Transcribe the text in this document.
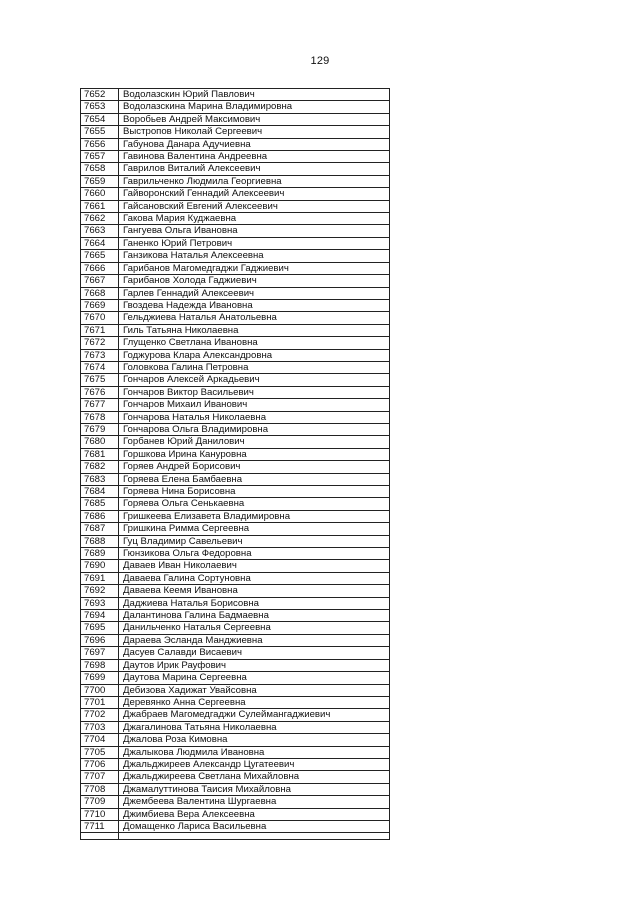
129
7652	Водолазскин Юрий Павлович
7653	Водолазскина Марина Владимировна
7654	Воробьев Андрей Максимович
7655	Выстропов Николай Сергеевич
7656	Габунова Данара Адучиевна
7657	Гавинова Валентина Андреевна
7658	Гаврилов Виталий Алексеевич
7659	Гаврильченко Людмила Георгиевна
7660	Гайворонский Геннадий Алексеевич
7661	Гайсановский Евгений Алексеевич
7662	Гакова Мария Куджаевна
7663	Гангуева Ольга Ивановна
7664	Ганенко Юрий Петрович
7665	Ганзикова Наталья Алексеевна
7666	Гарибанов Магомедгаджи Гаджиевич
7667	Гарибанов Холода Гаджиевич
7668	Гарлев Геннадий Алексеевич
7669	Гвоздева Надежда Ивановна
7670	Гельджиева Наталья Анатольевна
7671	Гиль Татьяна Николаевна
7672	Глущенко Светлана Ивановна
7673	Годжурова Клара Александровна
7674	Головкова Галина Петровна
7675	Гончаров Алексей Аркадьевич
7676	Гончаров Виктор Васильевич
7677	Гончаров Михаил Иванович
7678	Гончарова Наталья Николаевна
7679	Гончарова Ольга Владимировна
7680	Горбанев Юрий Данилович
7681	Горшкова Ирина Кануровна
7682	Горяев Андрей Борисович
7683	Горяева Елена Бамбаевна
7684	Горяева Нина Борисовна
7685	Горяева Ольга Сенькаевна
7686	Гришкеева Елизавета Владимировна
7687	Гришкина Римма Сергеевна
7688	Гуц Владимир Савельевич
7689	Гюнзикова Ольга Федоровна
7690	Даваев Иван Николаевич
7691	Даваева Галина Сортуновна
7692	Даваева Кеемя Ивановна
7693	Даджиева Наталья Борисовна
7694	Далантинова Галина Бадмаевна
7695	Данильченко Наталья Сергеевна
7696	Дараева Эсланда Манджиевна
7697	Дасуев Салавди Висаевич
7698	Даутов Ирик Рауфович
7699	Даутова Марина Сергеевна
7700	Дебизова Хадижат Увайсовна
7701	Деревянко Анна Сергеевна
7702	Джабраев Магомедгаджи Сулеймангаджиевич
7703	Джагалинова Татьяна Николаевна
7704	Джалова Роза Кимовна
7705	Джалыкова Людмила Ивановна
7706	Джальджиреев Александр Цугатеевич
7707	Джальджиреева Светлана Михайловна
7708	Джамалуттинова Таисия Михайловна
7709	Джембеева Валентина Шургаевна
7710	Джимбиева Вера Алексеевна
7711	Домащенко Лариса Васильевна
